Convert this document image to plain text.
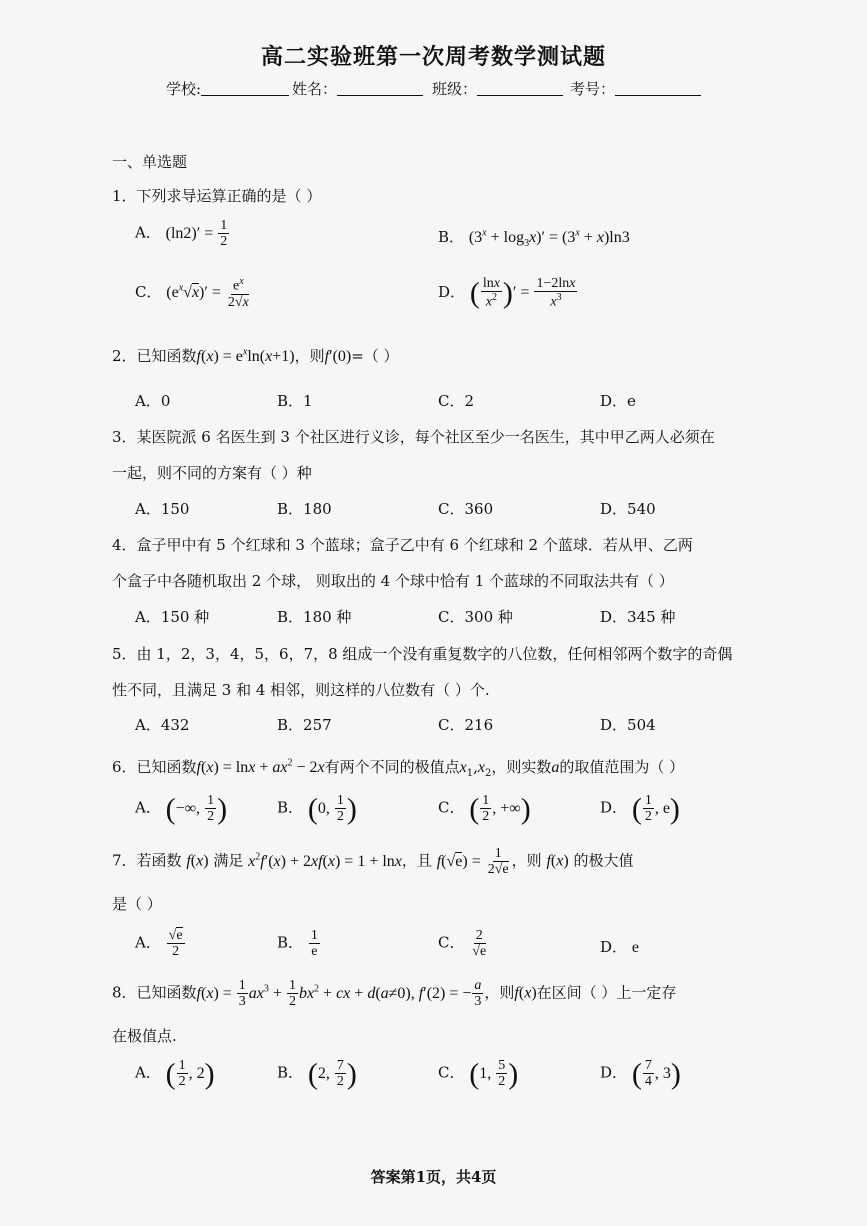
高二实验班第一次周考数学测试题
学校:	姓名：	班级：	考号：
一、单选题
1．下列求导运算正确的是（ ）
A． $(\ln 2)' = \frac{1}{2}$	B． $(3^x + \log_3x)' = (3^x + x)\ln 3$
C． $(e^x√x)' = \frac{e^x}{2√x}$	D． ( $\frac{\ln x}{x^2}$ )′ = $\frac{1-2\ln x}{x^3}$
2．已知函数$f(x) = e^x\ln(x+1)$，则f′(0)=（ ）
A．0	B．1	C．2	D．e
3．某医院派 6 名医生到 3 个社区进行义诊，每个社区至少一名医生，其中甲乙两人必须在
一起，则不同的方案有（ ）种
A．150	B．180	C．360	D．540
4．盒子甲中有 5 个红球和 3 个蓝球；盒子乙中有 6 个红球和 2 个蓝球．若从甲、乙两
个盒子中各随机取出 2 个球， 则取出的 4 个球中恰有 1 个蓝球的不同取法共有（ ）
A．150 种	B．180 种	C．300 种	D．345 种
5．由 1，2，3，4，5，6，7，8 组成一个没有重复数字的八位数，任何相邻两个数字的奇偶
性不同，且满足 3 和 4 相邻，则这样的八位数有（ ）个.
A．432	B．257	C．216	D．504
6．已知函数$f(x) = \ln x + ax^2 - 2x$有两个不同的极值点$x_1,x_2$，则实数a的取值范围为（ ）
A． (−∞, $\frac{1}{2}$ )	B． (0, $\frac{1}{2}$ )	C． ( $\frac{1}{2}$ , +∞)	D． ( $\frac{1}{2}$ , e)
7．若函数 f(x) 满足 $x^2f'(x) + 2xf(x) = 1 + \ln x$，且 $f(√e) = \frac{1}{2√e}$ ，则 f(x) 的极大值
是（ ）
A． $\frac{√e}{2}$	B． $\frac{1}{e}$	C． $\frac{2}{√e}$	D． e
8．已知函数$f(x) = \frac{1}{3} ax^3 + \frac{1}{2} bx^2$ + cx + d(a≠0), f′(2) = − $\frac{a}{3}$ ，则f(x)在区间（ ）上一定存
在极值点.
A． ( $\frac{1}{2}$ , 2)	B． (2, $\frac{7}{2}$ )	C． (1, $\frac{5}{2}$ )	D． ( $\frac{7}{4}$ , 3)
答案第1页，共4页
